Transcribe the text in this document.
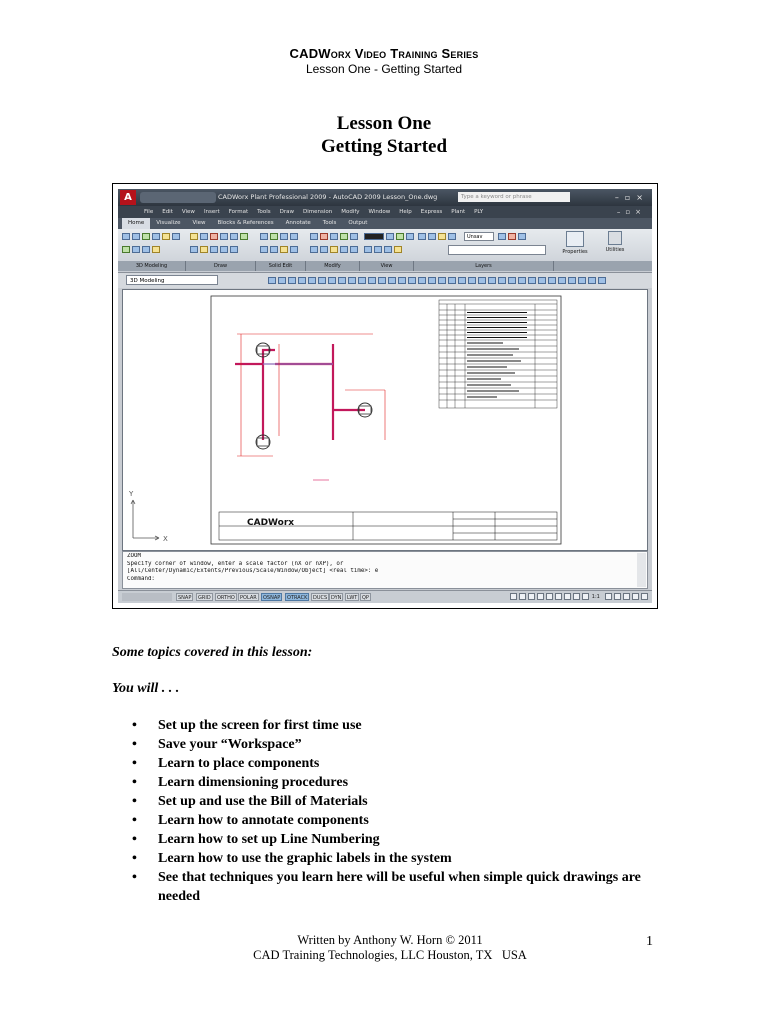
CADWorx Video Training Series
Lesson One - Getting Started
Lesson One
Getting Started
A	CADWorx Plant Professional 2009 - AutoCAD 2009 Lesson_One.dwg	Type a keyword or phrase	–▫×
File Edit View Insert Format Tools Draw Dimension Modify Window Help Express Plant PLY	–▫×
Home Visualize View Blocks & References Annotate Tools Output
Unsav
Properties	Utilities
3D Modeling	Draw	Solid Edit	Modify	View	Layers
3D Modeling
Y
X
CADWorx
ZOOM
Specify corner of window, enter a scale factor (nX or nXP), or
[All/Center/Dynamic/Extents/Previous/Scale/Window/Object] <real time>: e
Command:
SNAP	GRID	ORTHO	POLAR	OSNAP	OTRACK	DUCS DYN	LWT QP	1:1
Some topics covered in this lesson:
You will . . .
• Set up the screen for first time use
• Save your “Workspace”
• Learn to place components
• Learn dimensioning procedures
• Set up and use the Bill of Materials
• Learn how to annotate components
• Learn how to set up Line Numbering
• Learn how to use the graphic labels in the system
• See that techniques you learn here will be useful when simple quick drawings are needed
Written by Anthony W. Horn © 2011
CAD Training Technologies, LLC Houston, TX   USA
1
